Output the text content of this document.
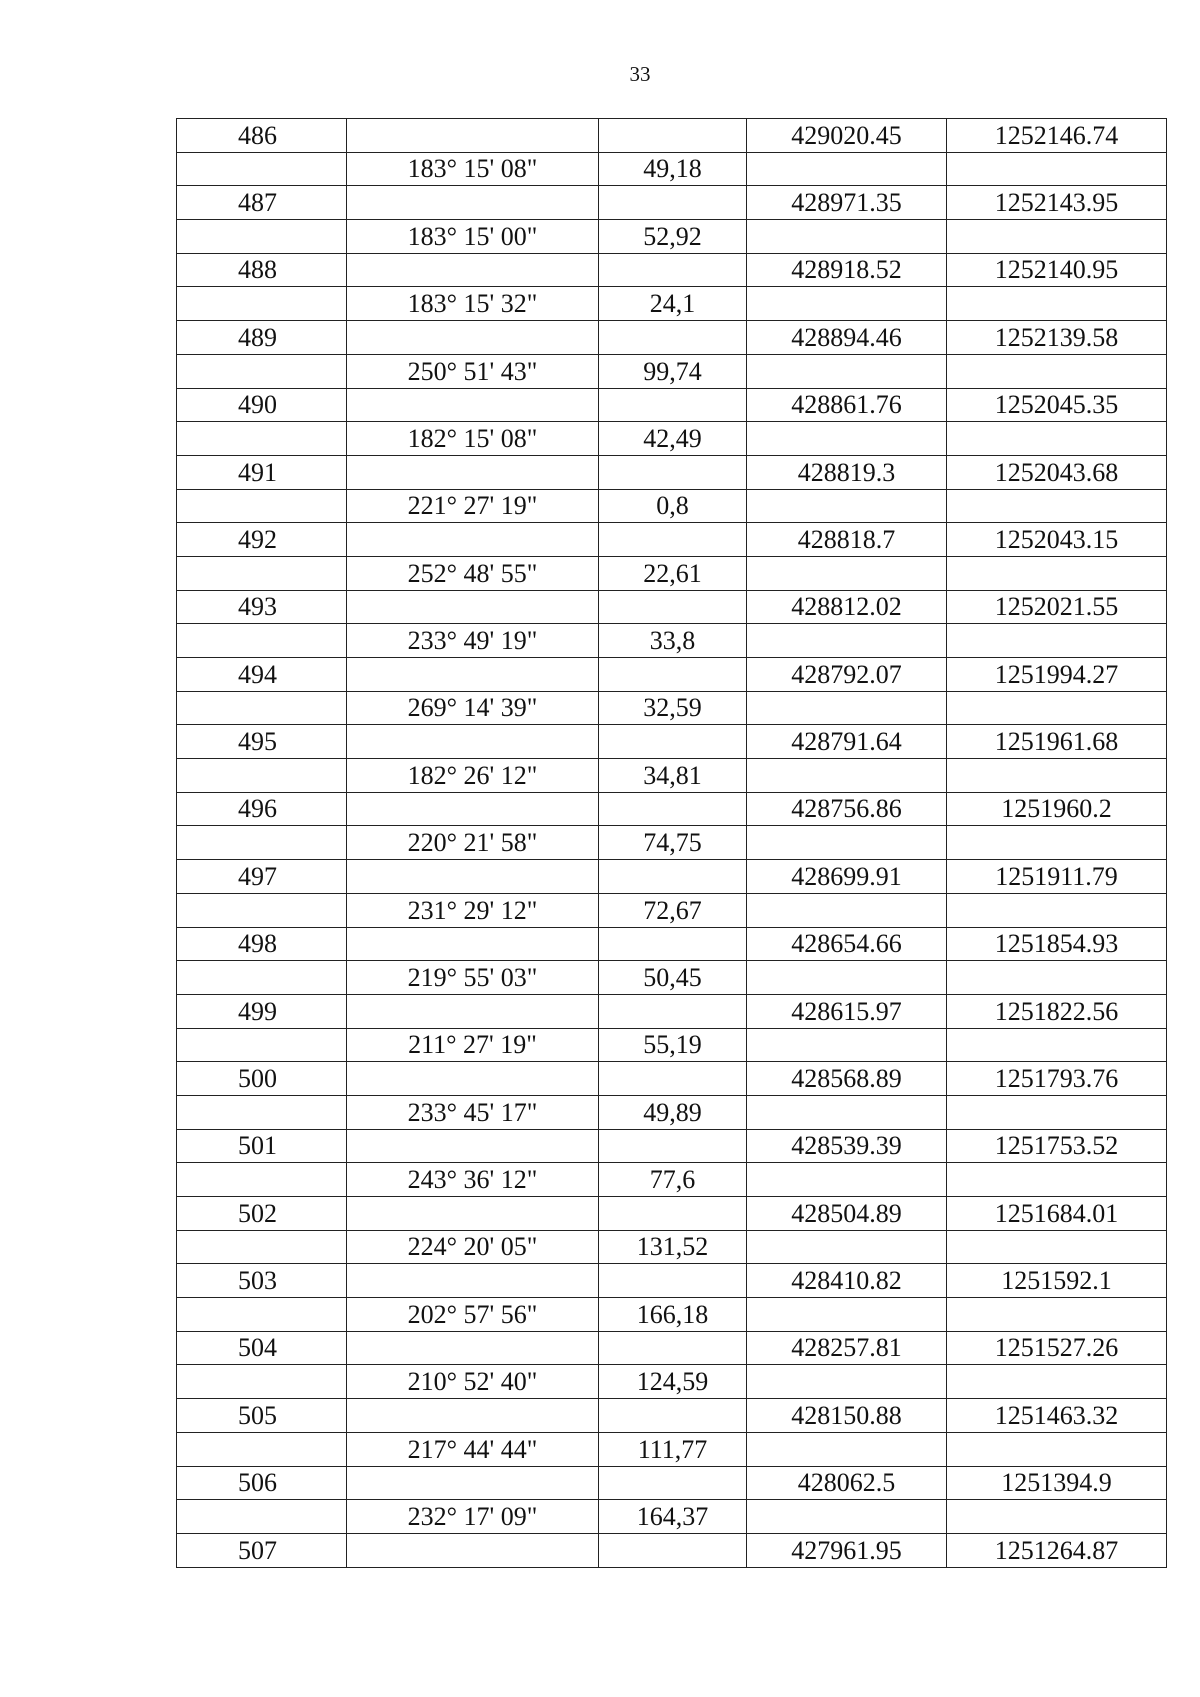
33
486			429020.45	1252146.74
	183° 15' 08"	49,18		
487			428971.35	1252143.95
	183° 15' 00"	52,92		
488			428918.52	1252140.95
	183° 15' 32"	24,1		
489			428894.46	1252139.58
	250° 51' 43"	99,74		
490			428861.76	1252045.35
	182° 15' 08"	42,49		
491			428819.3	1252043.68
	221° 27' 19"	0,8		
492			428818.7	1252043.15
	252° 48' 55"	22,61		
493			428812.02	1252021.55
	233° 49' 19"	33,8		
494			428792.07	1251994.27
	269° 14' 39"	32,59		
495			428791.64	1251961.68
	182° 26' 12"	34,81		
496			428756.86	1251960.2
	220° 21' 58"	74,75		
497			428699.91	1251911.79
	231° 29' 12"	72,67		
498			428654.66	1251854.93
	219° 55' 03"	50,45		
499			428615.97	1251822.56
	211° 27' 19"	55,19		
500			428568.89	1251793.76
	233° 45' 17"	49,89		
501			428539.39	1251753.52
	243° 36' 12"	77,6		
502			428504.89	1251684.01
	224° 20' 05"	131,52		
503			428410.82	1251592.1
	202° 57' 56"	166,18		
504			428257.81	1251527.26
	210° 52' 40"	124,59		
505			428150.88	1251463.32
	217° 44' 44"	111,77		
506			428062.5	1251394.9
	232° 17' 09"	164,37		
507			427961.95	1251264.87
